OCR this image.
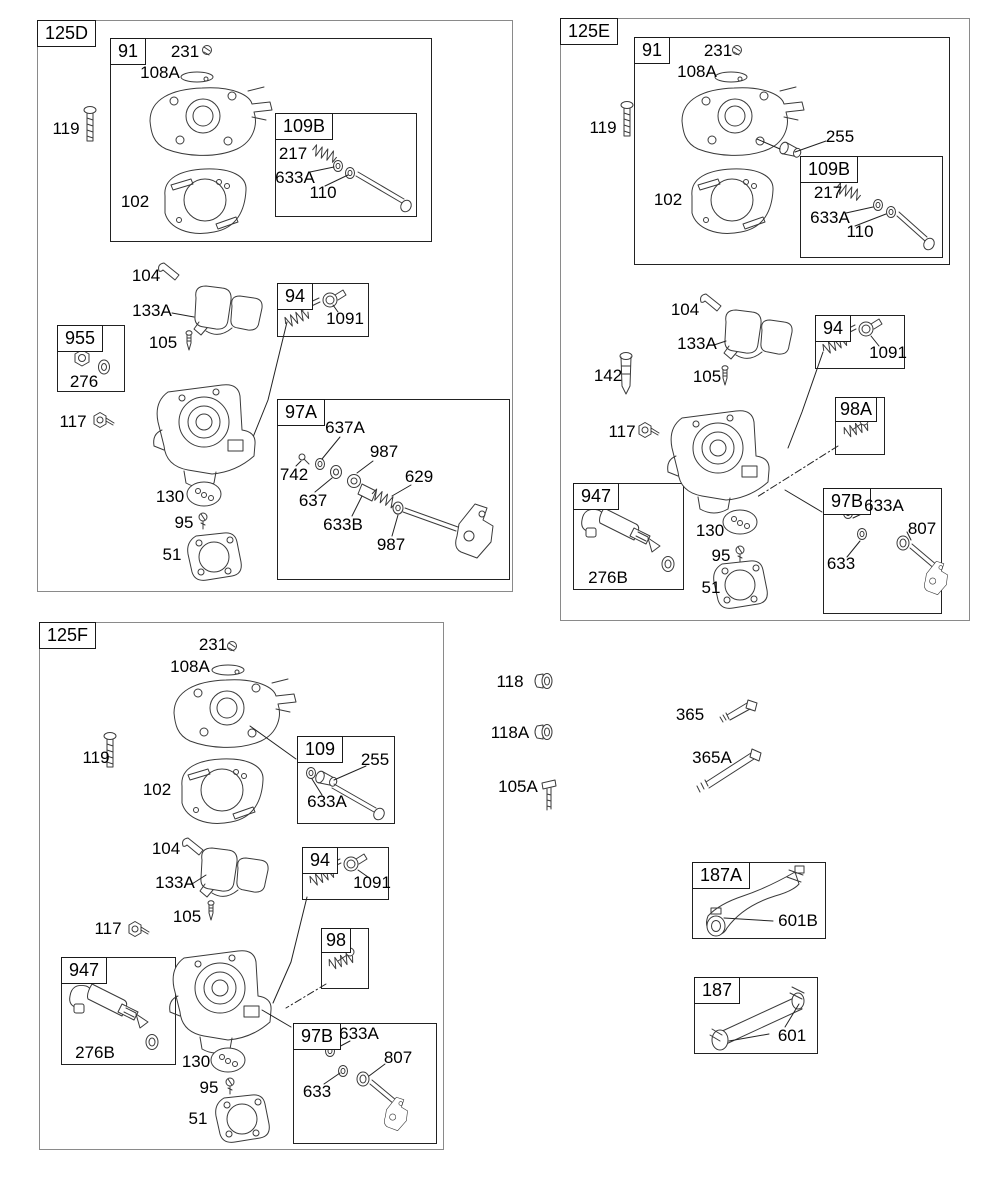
125D
91
109B
955
94
97A
125E
91
109B
94
98A
947	97B
125F
109
94
98
947
97B
187A
187
119
231
108A
102
217
633A
110
104
133A
105
276
117
1091
637A
987
742
637
629
633B
987
130
95
51
119
231
108A
255
102	217
633A
110
104
133A
142	105
117
1091
276B
130
95
51
633A
807
633
231
108A
119
102
255
633A
104
133A
105
117
1091
276B	130
95
51
633A
807
633
118
118A
105A
365
365A
601B
601
